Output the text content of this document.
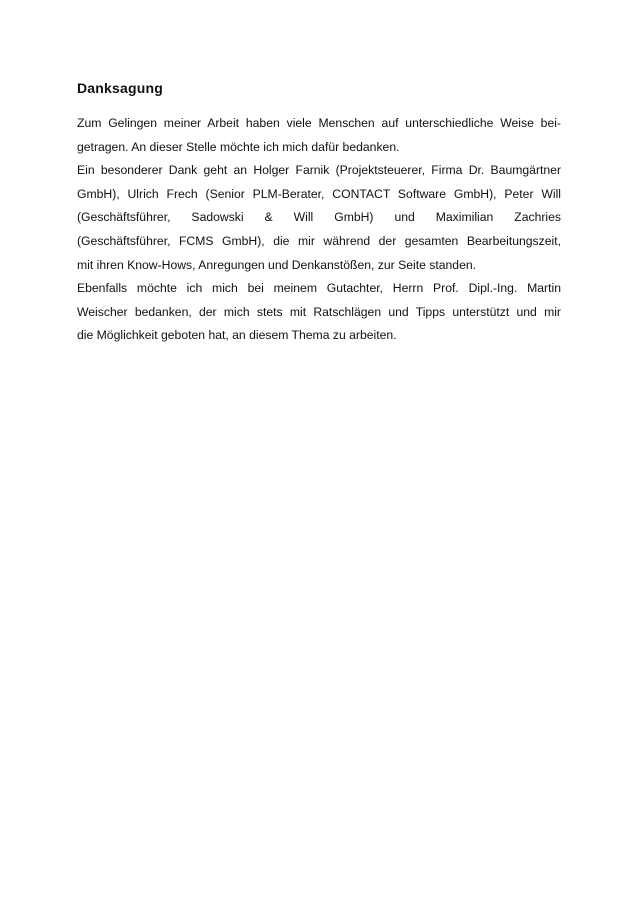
Danksagung
Zum Gelingen meiner Arbeit haben viele Menschen auf unterschiedliche Weise bei-
getragen. An dieser Stelle möchte ich mich dafür bedanken.
Ein besonderer Dank geht an Holger Farnik (Projektsteuerer, Firma Dr. Baumgärtner
GmbH), Ulrich Frech (Senior PLM-Berater, CONTACT Software GmbH), Peter Will
(Geschäftsführer, Sadowski & Will GmbH) und Maximilian Zachries
(Geschäftsführer, FCMS GmbH), die mir während der gesamten Bearbeitungszeit,
mit ihren Know-Hows, Anregungen und Denkanstößen, zur Seite standen.
Ebenfalls möchte ich mich bei meinem Gutachter, Herrn Prof. Dipl.-Ing. Martin
Weischer bedanken, der mich stets mit Ratschlägen und Tipps unterstützt und mir
die Möglichkeit geboten hat, an diesem Thema zu arbeiten.
